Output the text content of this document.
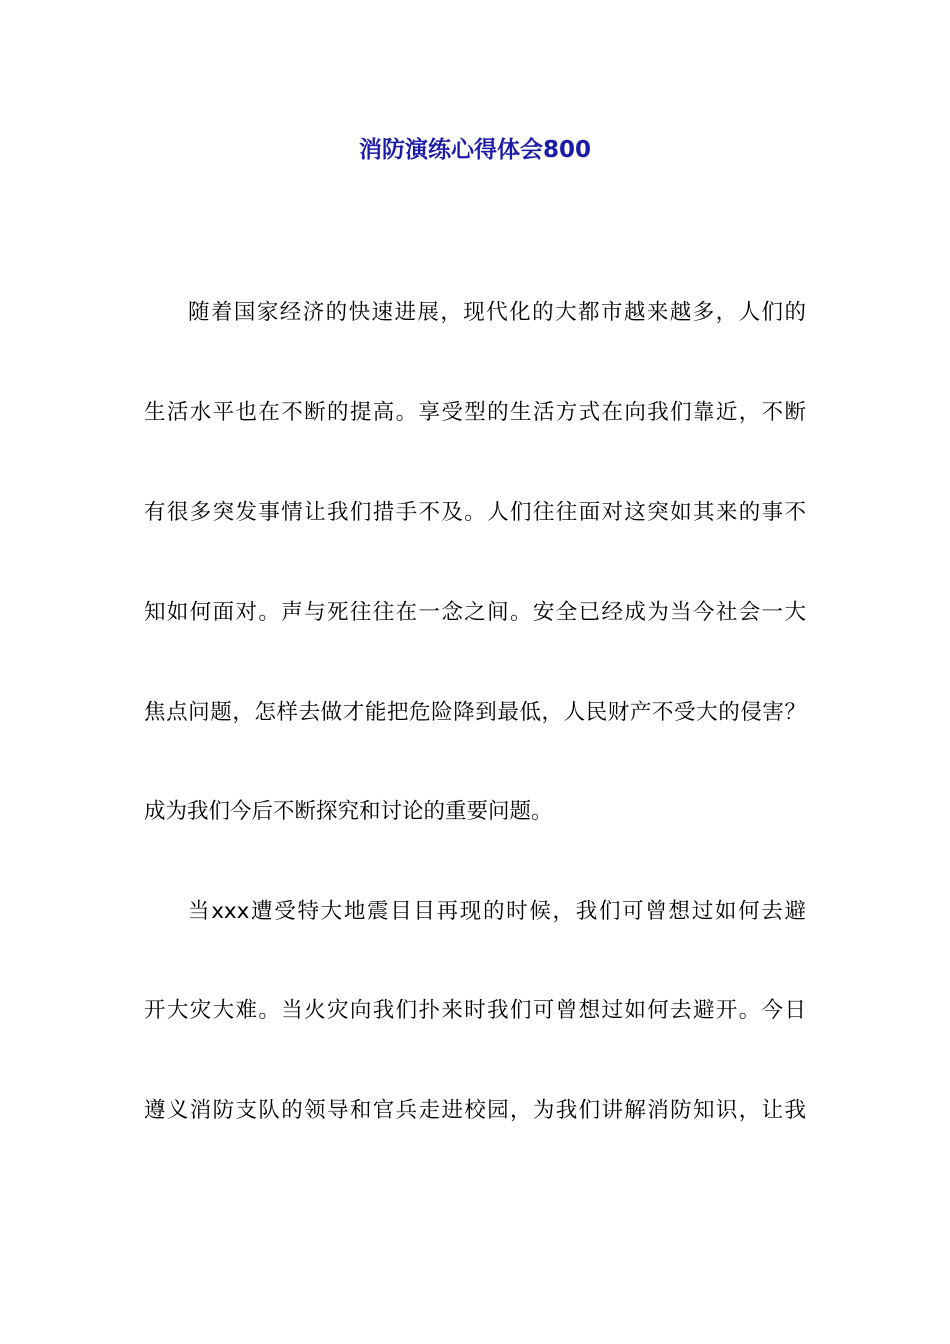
消防演练心得体会800

随着国家经济的快速进展，现代化的大都市越来越多，人们的

生活水平也在不断的提高。享受型的生活方式在向我们靠近，不断

有很多突发事情让我们措手不及。人们往往面对这突如其来的事不

知如何面对。声与死往往在一念之间。安全已经成为当今社会一大

焦点问题，怎样去做才能把危险降到最低，人民财产不受大的侵害？

成为我们今后不断探究和讨论的重要问题。

当xxx遭受特大地震目目再现的时候，我们可曾想过如何去避

开大灾大难。当火灾向我们扑来时我们可曾想过如何去避开。今日

遵义消防支队的领导和官兵走进校园，为我们讲解消防知识，让我
